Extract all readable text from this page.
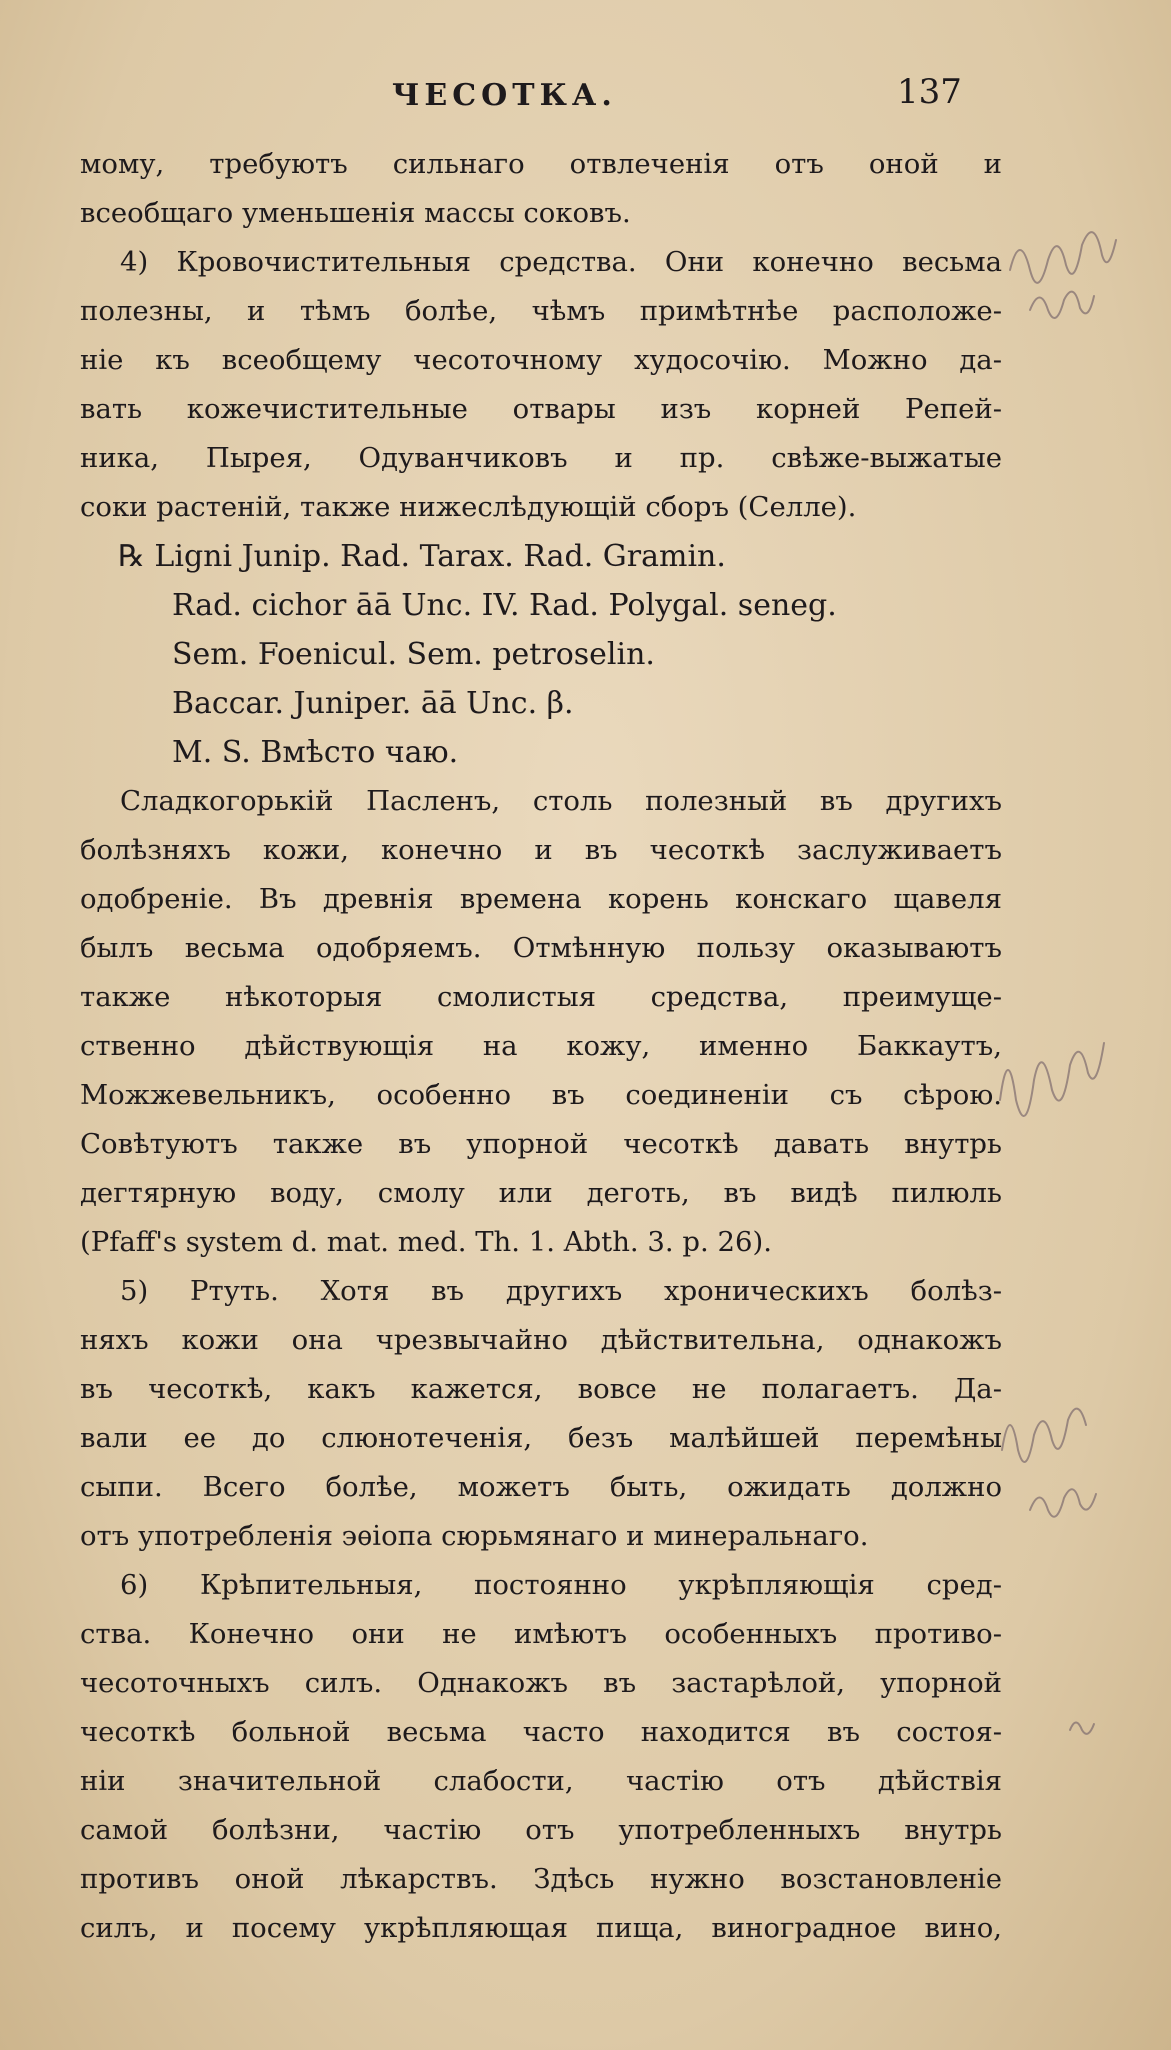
ЧЕСОТКА.	137
мому, требуютъ сильнаго отвлеченія отъ оной и
всеобщаго уменьшенія массы соковъ.
4) Кровочистительныя средства. Они конечно весьма
полезны, и тѣмъ болѣе, чѣмъ примѣтнѣе расположе-
ніе къ всеобщему чесоточному худосочію. Можно да-
вать кожечистительные отвары изъ корней Репей-
ника, Пырея, Одуванчиковъ и пр. свѣже-выжатые
соки растеній, также нижеслѣдующій сборъ (Селле).
℞ Ligni Junip. Rad. Tarax. Rad. Gramin.
Rad. cichor āā Unc. IV. Rad. Polygal. seneg.
Sem. Foenicul. Sem. petroselin.
Baccar. Juniper. āā Unc. β.
M. S. Вмѣсто чаю.
Сладкогорькій Пасленъ, столь полезный въ другихъ
болѣзняхъ кожи, конечно и въ чесоткѣ заслуживаетъ
одобреніе. Въ древнія времена корень конскаго щавеля
былъ весьма одобряемъ. Отмѣнную пользу оказываютъ
также нѣкоторыя смолистыя средства, преимуще-
ственно дѣйствующія на кожу, именно Баккаутъ,
Можжевельникъ, особенно въ соединеніи съ сѣрою.
Совѣтуютъ также въ упорной чесоткѣ давать внутрь
дегтярную воду, смолу или деготь, въ видѣ пилюль
(Pfaff's system d. mat. med. Th. 1. Abth. 3. p. 26).
5) Ртуть. Хотя въ другихъ хроническихъ болѣз-
няхъ кожи она чрезвычайно дѣйствительна, однакожъ
въ чесоткѣ, какъ кажется, вовсе не полагаетъ. Да-
вали ее до слюнотеченія, безъ малѣйшей перемѣны
сыпи. Всего болѣе, можетъ быть, ожидать должно
отъ употребленія эѳіопа сюрьмянаго и минеральнаго.
6) Крѣпительныя, постоянно укрѣпляющія сред-
ства. Конечно они не имѣютъ особенныхъ противо-
чесоточныхъ силъ. Однакожъ въ застарѣлой, упорной
чесоткѣ больной весьма часто находится въ состоя-
ніи значительной слабости, частію отъ дѣйствія
самой болѣзни, частію отъ употребленныхъ внутрь
противъ оной лѣкарствъ. Здѣсь нужно возстановленіе
силъ, и посему укрѣпляющая пища, виноградное вино,
